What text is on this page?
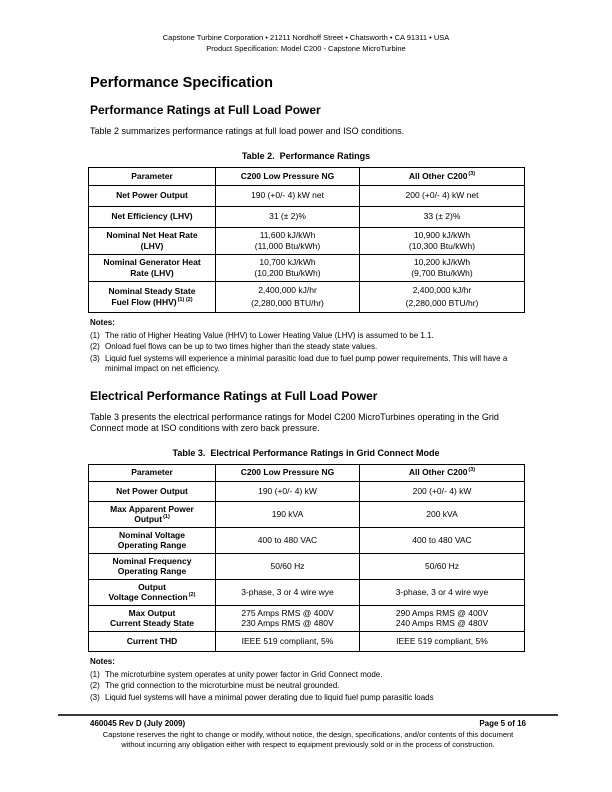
Capstone Turbine Corporation • 21211 Nordhoff Street • Chatsworth • CA 91311 • USA
Product Specification: Model C200 - Capstone MicroTurbine
Performance Specification
Performance Ratings at Full Load Power

Table 2 summarizes performance ratings at full load power and ISO conditions.

Table 2.  Performance Ratings
Parameter	C200 Low Pressure NG	All Other C200$^{(3)}$

Net Power Output	190 (+0/- 4) kW net	200 (+0/- 4) kW net

Net Efficiency (LHV)	31 (± 2)%	33 (± 2)%

Nominal Net Heat Rate
(LHV)	11,600 kJ/kWh
(11,000 Btu/kWh)	10,900 kJ/kWh
(10,300 Btu/kWh)

Nominal Generator Heat
Rate (LHV)	10,700 kJ/kWh
(10,200 Btu/kWh)	10,200 kJ/kWh
(9,700 Btu/kWh)

Nominal Steady State
Fuel Flow (HHV)$^{(1) (2)}$	2,400,000 kJ/hr
(2,280,000 BTU/hr)	2,400,000 kJ/hr
(2,280,000 BTU/hr)
Notes:
(1) The ratio of Higher Heating Value (HHV) to Lower Heating Value (LHV) is assumed to be 1.1.
(2) Onload fuel flows can be up to two times higher than the steady state values.
(3) Liquid fuel systems will experience a minimal parasitic load due to fuel pump power requirements. This will have a minimal impact on net efficiency.
Electrical Performance Ratings at Full Load Power

Table 3 presents the electrical performance ratings for Model C200 MicroTurbines operating in the Grid Connect mode at ISO conditions with zero back pressure.

Table 3.  Electrical Performance Ratings in Grid Connect Mode
Parameter	C200 Low Pressure NG	All Other C200$^{(3)}$

Net Power Output	190 (+0/- 4) kW	200 (+0/- 4) kW

Max Apparent Power
Output$^{(1)}$	190 kVA	200 kVA

Nominal Voltage
Operating Range	400 to 480 VAC	400 to 480 VAC

Nominal Frequency
Operating Range	50/60 Hz	50/60 Hz

Output
Voltage Connection$^{(2)}$	3-phase, 3 or 4 wire wye	3-phase, 3 or 4 wire wye

Max Output
Current Steady State	275 Amps RMS @ 400V
230 Amps RMS @ 480V	290 Amps RMS @ 400V
240 Amps RMS @ 480V

Current THD	IEEE 519 compliant, 5%	IEEE 519 compliant, 5%
Notes:
(1) The microturbine system operates at unity power factor in Grid Connect mode.
(2) The grid connection to the microturbine must be neutral grounded.
(3) Liquid fuel systems will have a minimal power derating due to liquid fuel pump parasitic loads
460045 Rev D (July 2009)	Page 5 of 16
Capstone reserves the right to change or modify, without notice, the design, specifications, and/or contents of this document
without incurring any obligation either with respect to equipment previously sold or in the process of construction.
